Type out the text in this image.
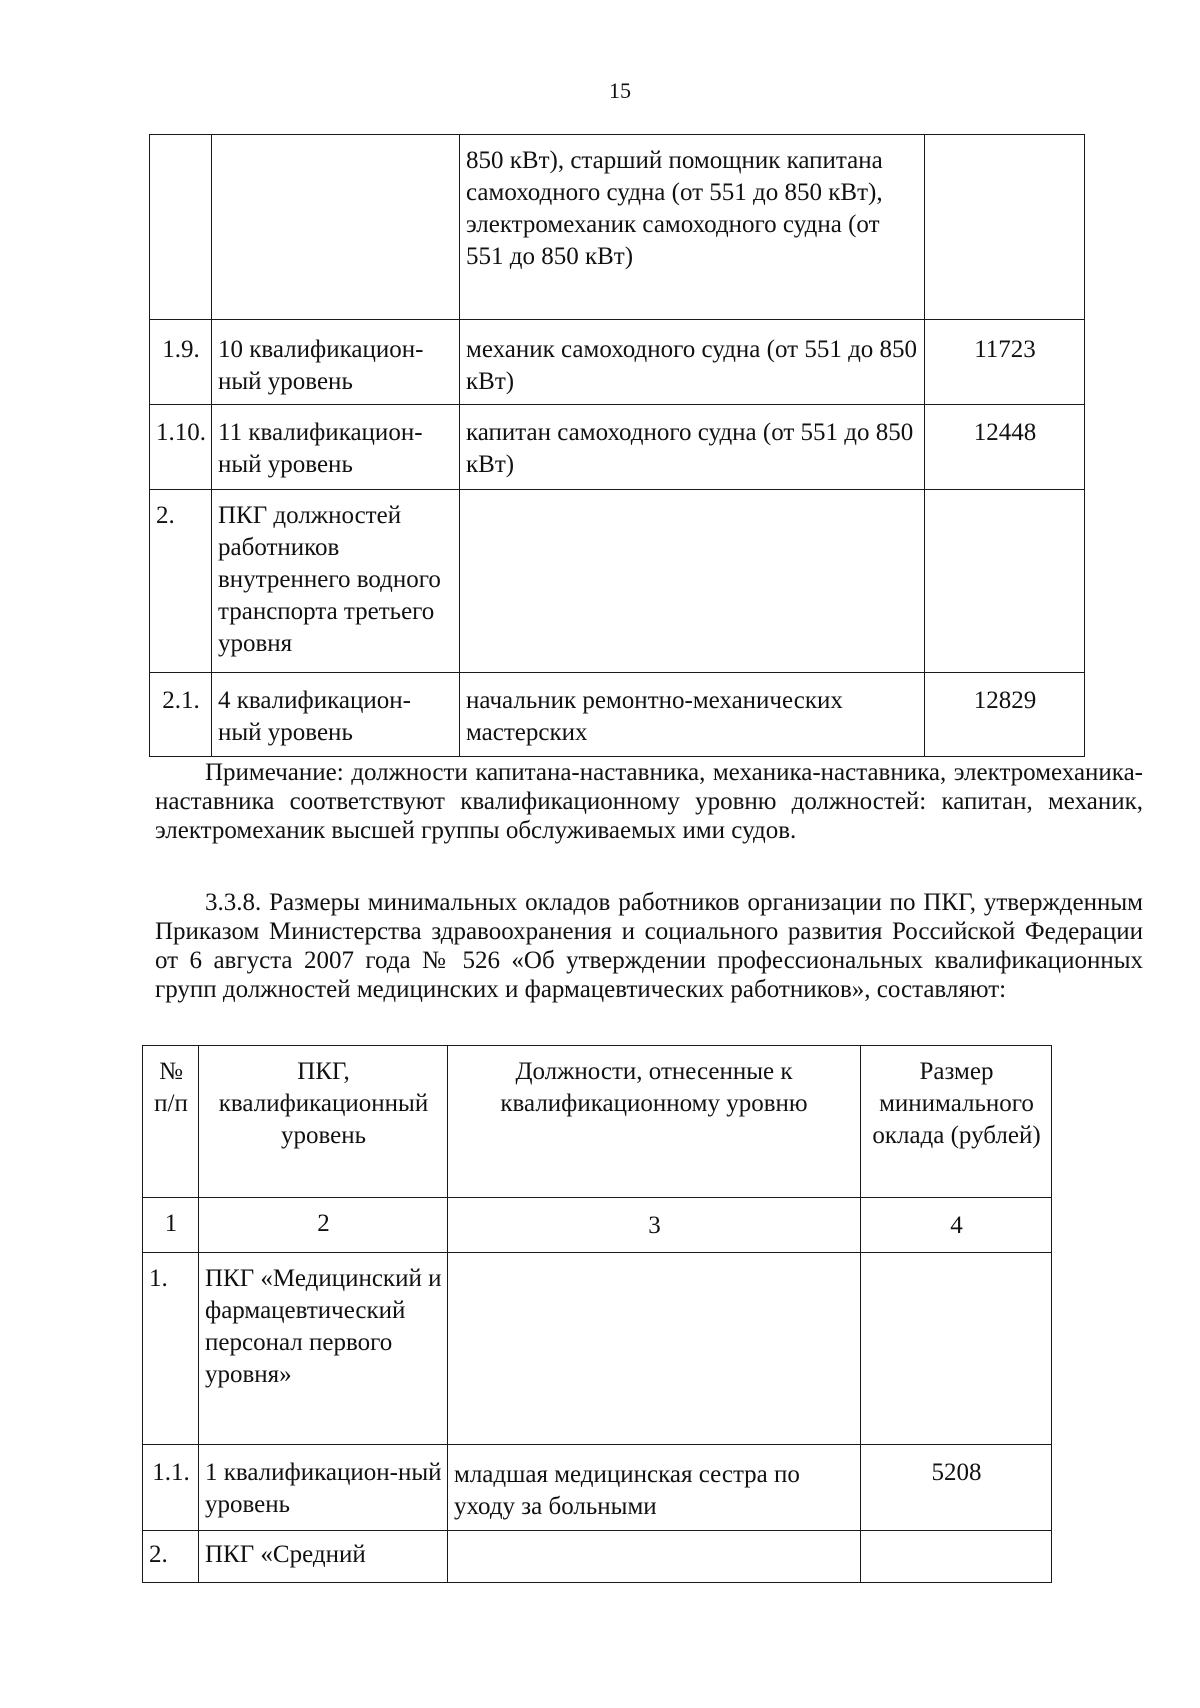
15
		850 кВт), старший помощник капитана самоходного судна (от 551 до 850 кВт), электромеханик самоходного судна (от 551 до 850 кВт)	
1.9.	10 квалификацион-ный уровень	механик самоходного судна (от 551 до 850 кВт)	11723
1.10.	11 квалификацион-ный уровень	капитан самоходного судна (от 551 до 850 кВт)	12448
2.	ПКГ должностей работников внутреннего водного транспорта третьего уровня		
2.1.	4 квалификацион-ный уровень	начальник ремонтно-механических мастерских	12829
Примечание: должности капитана-наставника, механика-наставника, электромеханика-наставника соответствуют квалификационному уровню должностей: капитан, механик, электромеханик высшей группы обслуживаемых ими судов.
3.3.8. Размеры минимальных окладов работников организации по ПКГ, утвержденным Приказом Министерства здравоохранения и социального развития Российской Федерации от 6 августа 2007 года № 526 «Об утверждении профессиональных квалификационных групп должностей медицинских и фармацевтических работников», составляют:
№ п/п	ПКГ, квалификационный уровень	Должности, отнесенные к квалификационному уровню	Размер минимального оклада (рублей)
1	2	3	4
1.	ПКГ «Медицинский и фармацевтический персонал первого уровня»		
1.1.	1 квалификацион-ный уровень	младшая медицинская сестра по уходу за больными	5208
2.	ПКГ «Средний		
